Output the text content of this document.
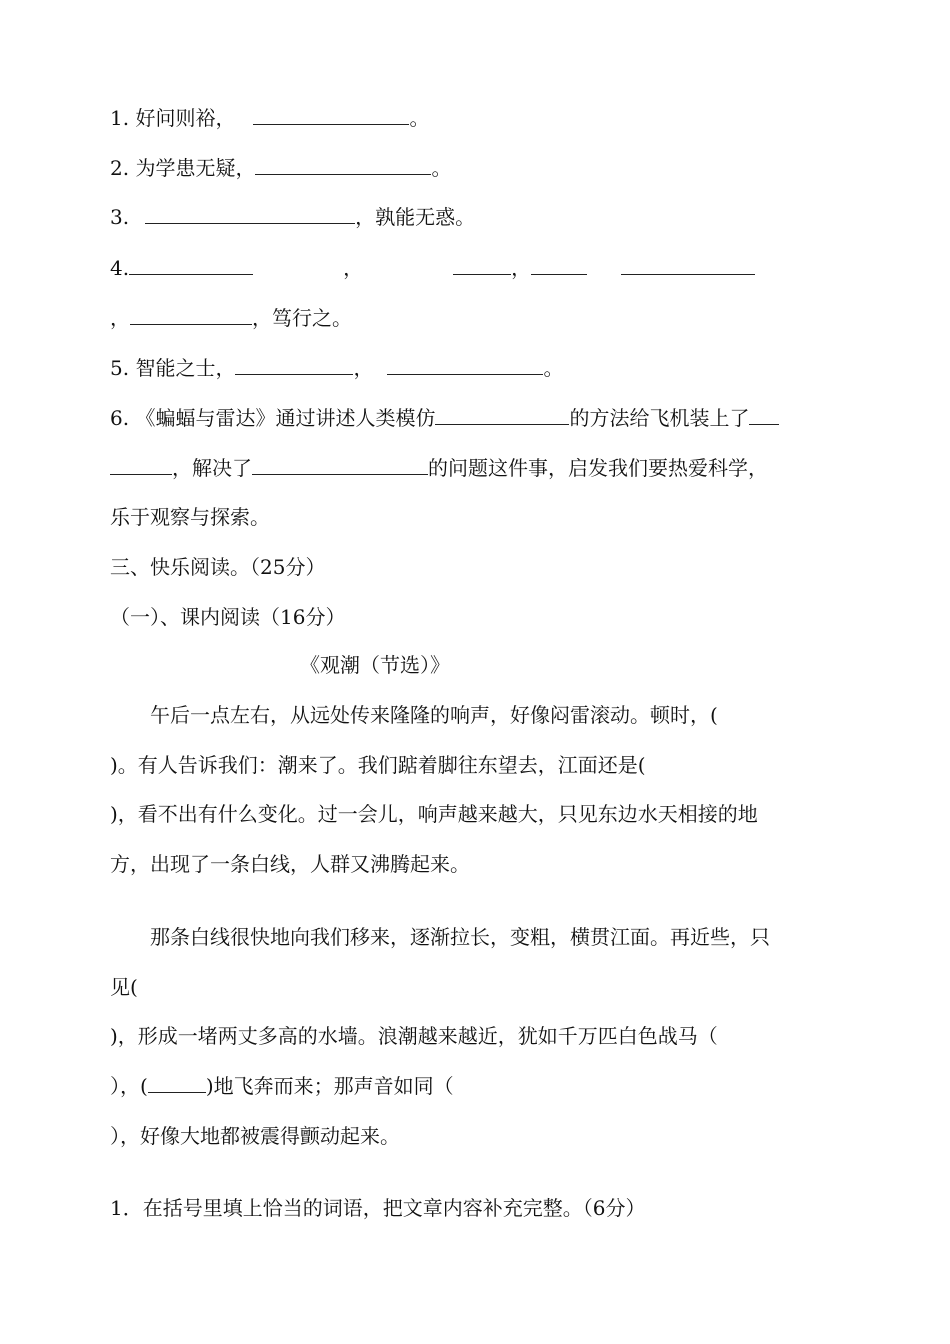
1. 好问则裕，	。
2. 为学患无疑，	。
3.	，孰能无惑。
4.	，	，
，	，笃行之。
5. 智能之士，	，	。
6. 《蝙蝠与雷达》通过讲述人类模仿	的方法给飞机装上了
，解决了	的问题这件事，启发我们要热爱科学，
乐于观察与探索。
三、快乐阅读。（25分）
（一）、课内阅读（16分）
《观潮（节选）》
午后一点左右，从远处传来隆隆的响声，好像闷雷滚动。顿时，(
)。有人告诉我们：潮来了。我们踮着脚往东望去，江面还是(
)，看不出有什么变化。过一会儿，响声越来越大，只见东边水天相接的地
方，出现了一条白线，人群又沸腾起来。
那条白线很快地向我们移来，逐渐拉长，变粗，横贯江面。再近些，只
见(
)，形成一堵两丈多高的水墙。浪潮越来越近，犹如千万匹白色战马（
），(	)地飞奔而来；那声音如同（
），好像大地都被震得颤动起来。
1．在括号里填上恰当的词语，把文章内容补充完整。（6分）
